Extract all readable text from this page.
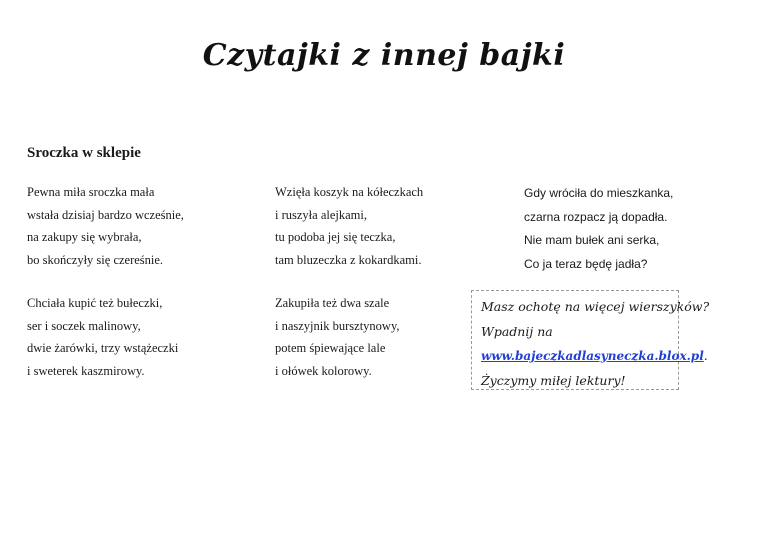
Czytajki z innej bajki
Sroczka w sklepie
Pewna miła sroczka mała
wstała dzisiaj bardzo wcześnie,
na zakupy się wybrała,
bo skończyły się czereśnie.
Wzięła koszyk na kółeczkach
i ruszyła alejkami,
tu podoba jej się teczka,
tam bluzeczka z kokardkami.
Gdy wróciła do mieszkanka,
czarna rozpacz ją dopadła.
Nie mam bułek ani serka,
Co ja teraz będę jadła?
Chciała kupić też bułeczki,
ser i soczek malinowy,
dwie żarówki, trzy wstążeczki
i sweterek kaszmirowy.
Zakupiła też dwa szale
i naszyjnik bursztynowy,
potem śpiewające lale
i ołówek kolorowy.
Masz ochotę na więcej wierszyków?
Wpadnij na
www.bajeczkadlasyneczka.blox.pl.
Życzymy miłej lektury!
